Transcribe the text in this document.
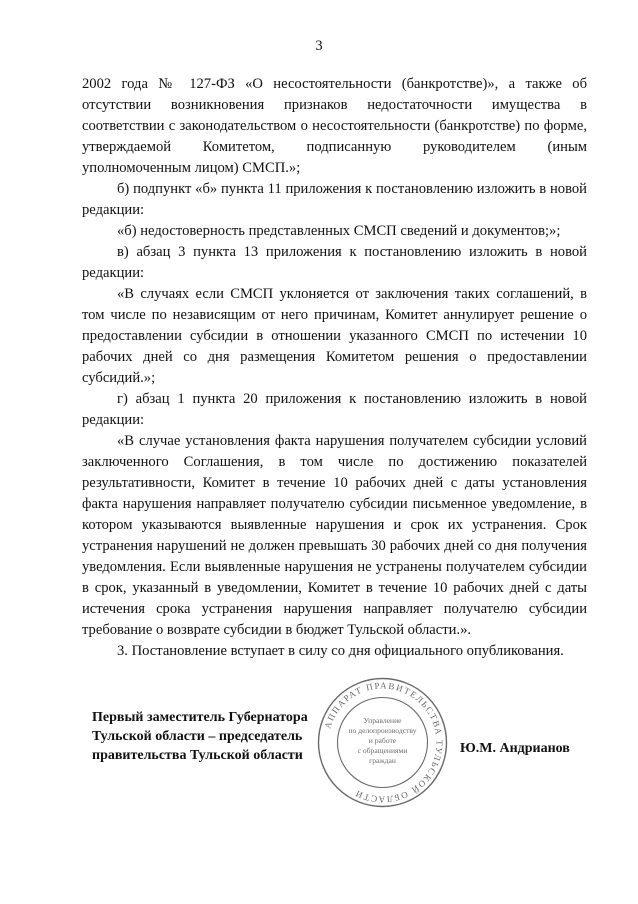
3

2002 года № 127-ФЗ «О несостоятельности (банкротстве)», а также об отсутствии возникновения признаков недостаточности имущества в соответствии с законодательством о несостоятельности (банкротстве) по форме, утверждаемой Комитетом, подписанную руководителем (иным уполномоченным лицом) СМСП.»;

б) подпункт «б» пункта 11 приложения к постановлению изложить в новой редакции:

«б) недостоверность представленных СМСП сведений и документов;»;

в) абзац 3 пункта 13 приложения к постановлению изложить в новой редакции:

«В случаях если СМСП уклоняется от заключения таких соглашений, в том числе по независящим от него причинам, Комитет аннулирует решение о предоставлении субсидии в отношении указанного СМСП по истечении 10 рабочих дней со дня размещения Комитетом решения о предоставлении субсидий.»;

г) абзац 1 пункта 20 приложения к постановлению изложить в новой редакции:

«В случае установления факта нарушения получателем субсидии условий заключенного Соглашения, в том числе по достижению показателей результативности, Комитет в течение 10 рабочих дней с даты установления факта нарушения направляет получателю субсидии письменное уведомление, в котором указываются выявленные нарушения и срок их устранения. Срок устранения нарушений не должен превышать 30 рабочих дней со дня получения уведомления. Если выявленные нарушения не устранены получателем субсидии в срок, указанный в уведомлении, Комитет в течение 10 рабочих дней с даты истечения срока устранения нарушения направляет получателю субсидии требование о возврате субсидии в бюджет Тульской области.».

3. Постановление вступает в силу со дня официального опубликования.

Первый заместитель Губернатора
Тульской области – председатель
правительства Тульской области	Ю.М. Андрианов
АППАРАТ ПРАВИТЕЛЬСТВА ТУЛЬСКОЙ ОБЛАСТИ
Управление
по делопроизводству
и работе
с обращениями
граждан
